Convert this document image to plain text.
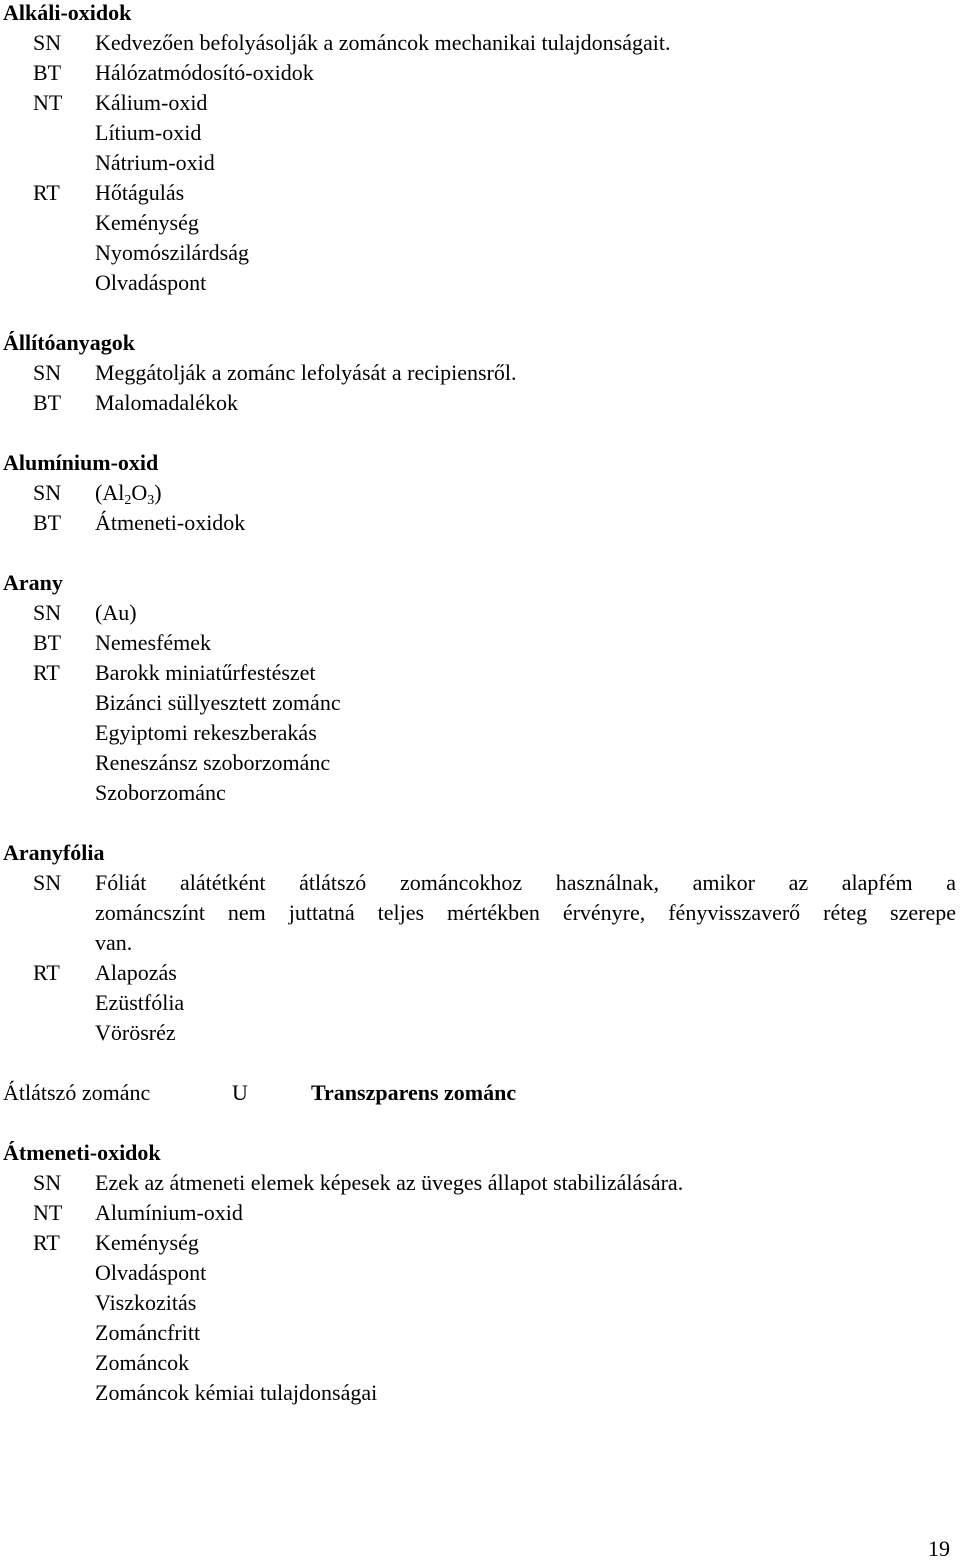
Alkáli-oxidok
SN Kedvezően befolyásolják a zománcok mechanikai tulajdonságait.
BT Hálózatmódosító-oxidok
NT Kálium-oxid
Lítium-oxid
Nátrium-oxid
RT Hőtágulás
Keménység
Nyomószilárdság
Olvadáspont
Állítóanyagok
SN Meggátolják a zománc lefolyását a recipiensről.
BT Malomadalékok
Alumínium-oxid
SN $(Al_2O_3)$
BT Átmeneti-oxidok
Arany
SN (Au)
BT Nemesfémek
RT Barokk miniatűrfestészet
Bizánci süllyesztett zománc
Egyiptomi rekeszberakás
Reneszánsz szoborzománc
Szoborzománc
Aranyfólia
SN Fóliát alátétként átlátszó zománcokhoz használnak, amikor az alapfém a
zománcszínt nem juttatná teljes mértékben érvényre, fényvisszaverő réteg szerepe
van.
RT Alapozás
Ezüstfólia
Vörösréz
Átlátszó zománc	U	Transzparens zománc
Átmeneti-oxidok
SN Ezek az átmeneti elemek képesek az üveges állapot stabilizálására.
NT Alumínium-oxid
RT Keménység
Olvadáspont
Viszkozitás
Zománcfritt
Zománcok
Zománcok kémiai tulajdonságai
19
